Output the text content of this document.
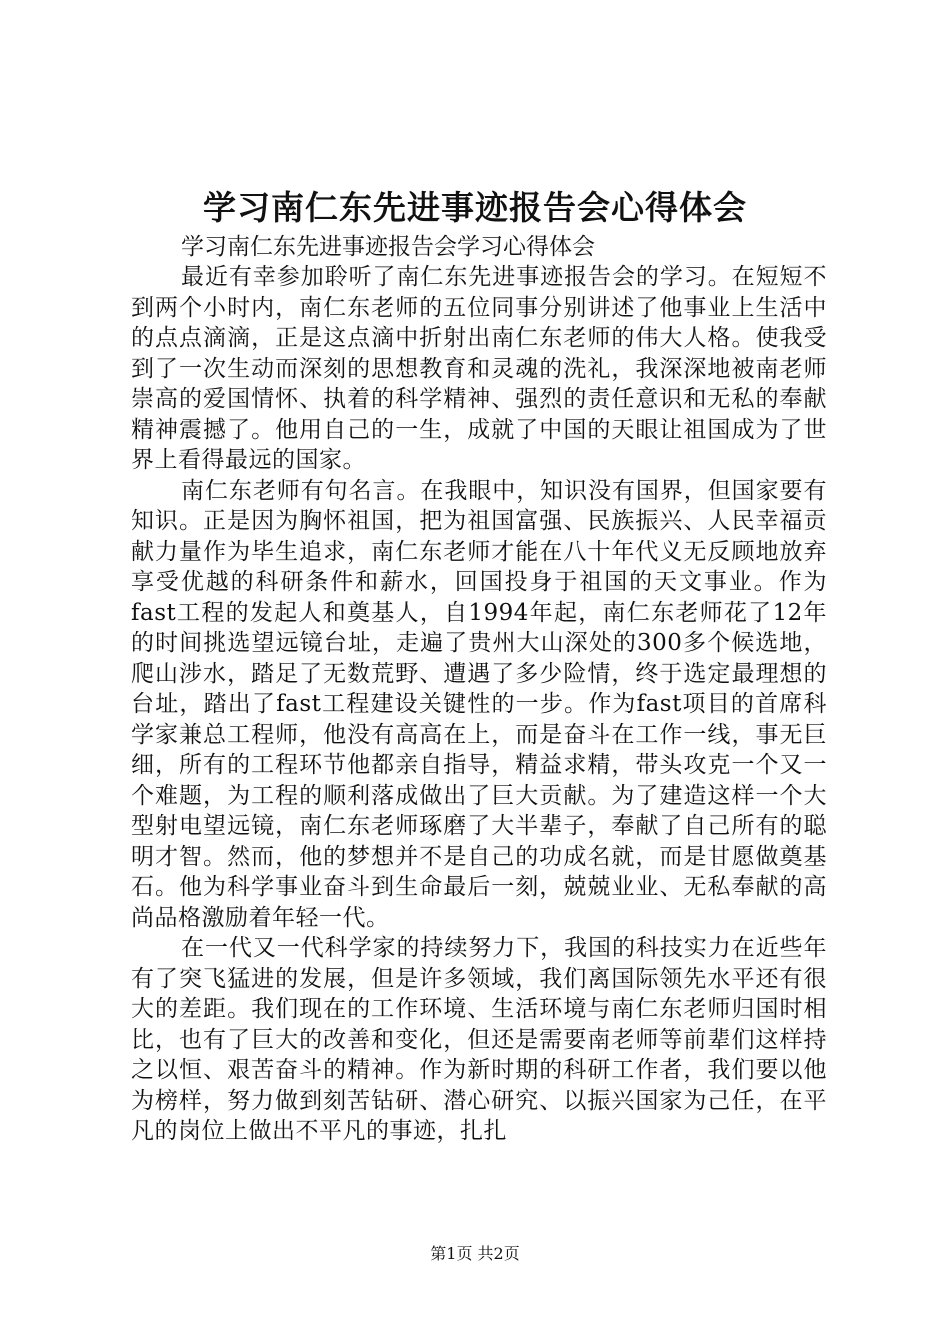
学习南仁东先进事迹报告会心得体会

学习南仁东先进事迹报告会学习心得体会

最近有幸参加聆听了南仁东先进事迹报告会的学习。在短短不到两个小时内，南仁东老师的五位同事分别讲述了他事业上生活中的点点滴滴，正是这点滴中折射出南仁东老师的伟大人格。使我受到了一次生动而深刻的思想教育和灵魂的洗礼，我深深地被南老师崇高的爱国情怀、执着的科学精神、强烈的责任意识和无私的奉献精神震撼了。他用自己的一生，成就了中国的天眼让祖国成为了世界上看得最远的国家。

南仁东老师有句名言。在我眼中，知识没有国界，但国家要有知识。正是因为胸怀祖国，把为祖国富强、民族振兴、人民幸福贡献力量作为毕生追求，南仁东老师才能在八十年代义无反顾地放弃享受优越的科研条件和薪水，回国投身于祖国的天文事业。作为fast工程的发起人和奠基人，自1994年起，南仁东老师花了12年的时间挑选望远镜台址，走遍了贵州大山深处的300多个候选地，爬山涉水，踏足了无数荒野、遭遇了多少险情，终于选定最理想的台址，踏出了fast工程建设关键性的一步。作为fast项目的首席科学家兼总工程师，他没有高高在上，而是奋斗在工作一线，事无巨细，所有的工程环节他都亲自指导，精益求精，带头攻克一个又一个难题，为工程的顺利落成做出了巨大贡献。为了建造这样一个大型射电望远镜，南仁东老师琢磨了大半辈子，奉献了自己所有的聪明才智。然而，他的梦想并不是自己的功成名就，而是甘愿做奠基石。他为科学事业奋斗到生命最后一刻，兢兢业业、无私奉献的高尚品格激励着年轻一代。

在一代又一代科学家的持续努力下，我国的科技实力在近些年有了突飞猛进的发展，但是许多领域，我们离国际领先水平还有很大的差距。我们现在的工作环境、生活环境与南仁东老师归国时相比，也有了巨大的改善和变化，但还是需要南老师等前辈们这样持之以恒、艰苦奋斗的精神。作为新时期的科研工作者，我们要以他为榜样，努力做到刻苦钻研、潜心研究、以振兴国家为己任，在平凡的岗位上做出不平凡的事迹，扎扎

第1页 共2页
